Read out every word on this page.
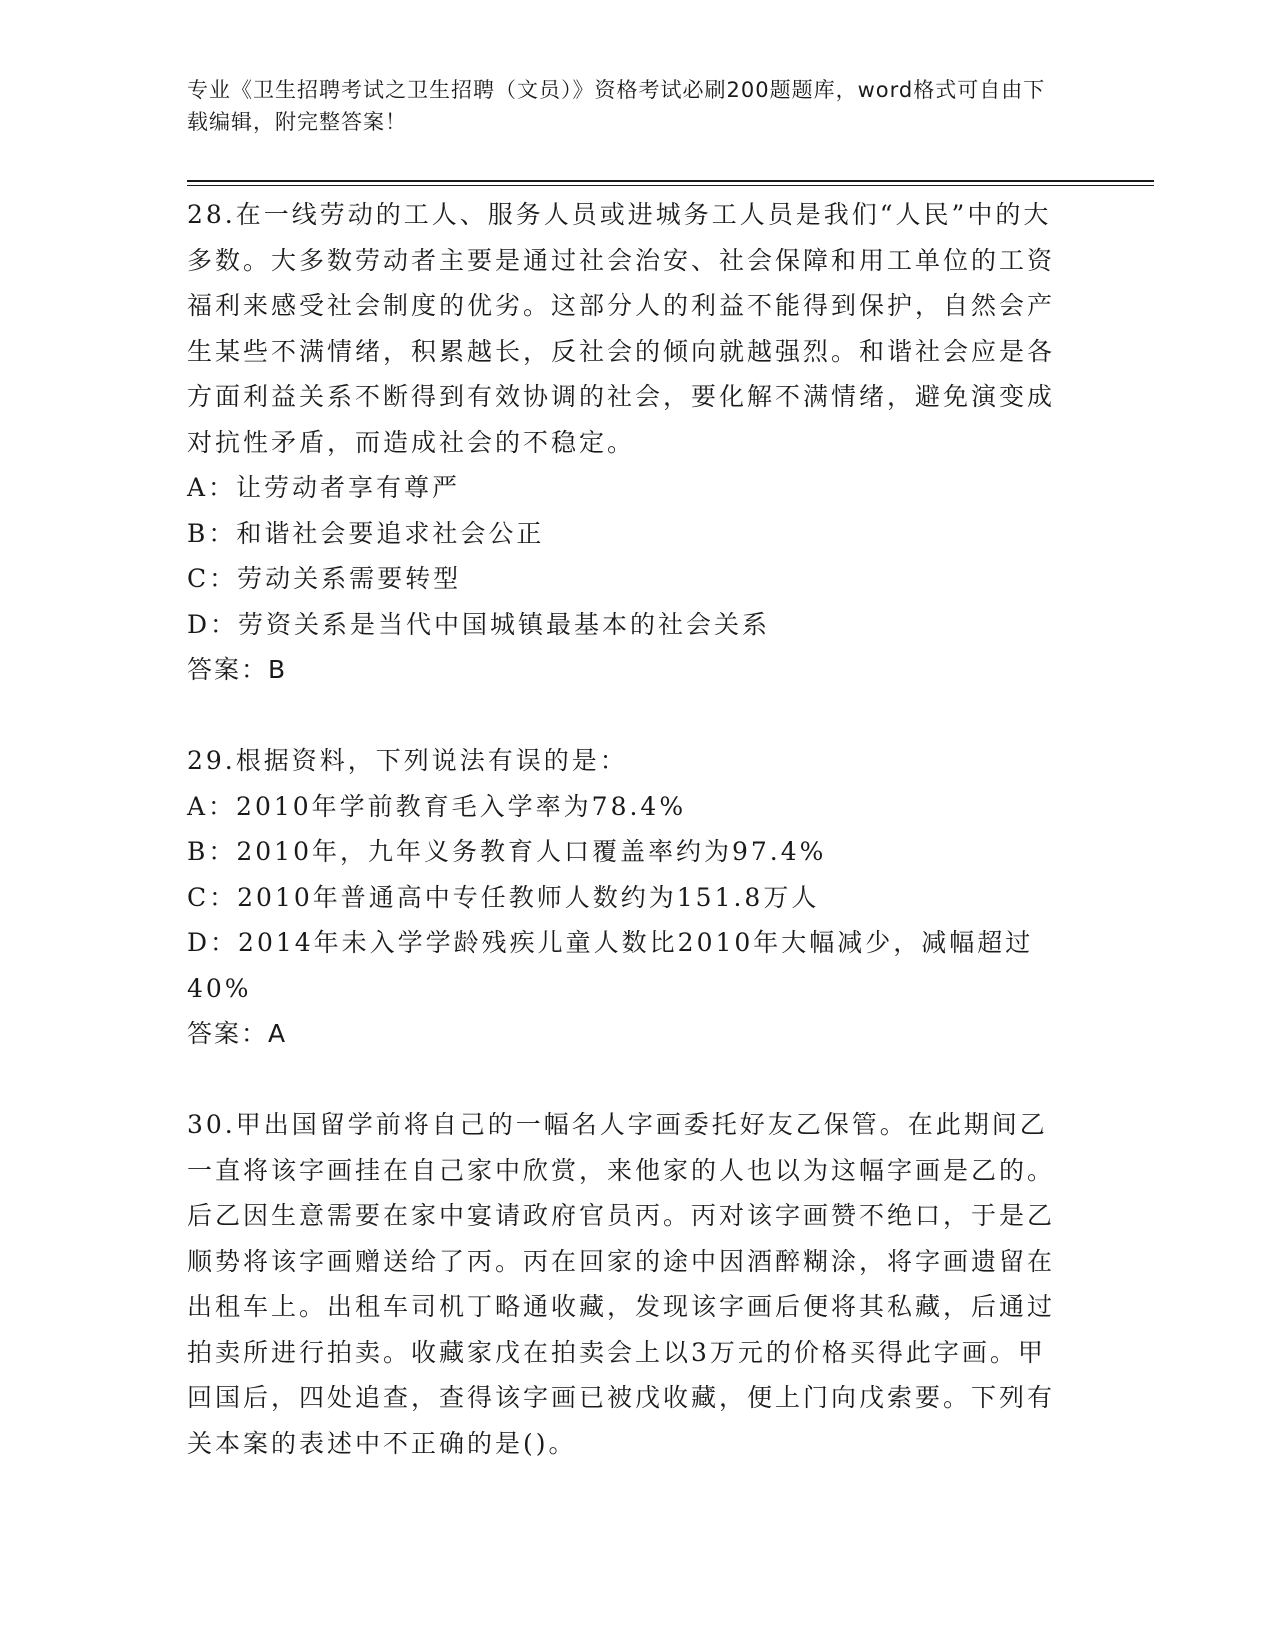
专业《卫生招聘考试之卫生招聘（文员）》资格考试必刷200题题库，word格式可自由下载编辑，附完整答案！

28.在一线劳动的工人、服务人员或进城务工人员是我们“人民”中的大多数。大多数劳动者主要是通过社会治安、社会保障和用工单位的工资福利来感受社会制度的优劣。这部分人的利益不能得到保护，自然会产生某些不满情绪，积累越长，反社会的倾向就越强烈。和谐社会应是各方面利益关系不断得到有效协调的社会，要化解不满情绪，避免演变成对抗性矛盾，而造成社会的不稳定。

A：让劳动者享有尊严

B：和谐社会要追求社会公正

C：劳动关系需要转型

D：劳资关系是当代中国城镇最基本的社会关系

答案：B

29.根据资料，下列说法有误的是：

A：2010年学前教育毛入学率为78.4%

B：2010年，九年义务教育人口覆盖率约为97.4%

C：2010年普通高中专任教师人数约为151.8万人

D：2014年未入学学龄残疾儿童人数比2010年大幅减少，减幅超过40%

答案：A

30.甲出国留学前将自己的一幅名人字画委托好友乙保管。在此期间乙一直将该字画挂在自己家中欣赏，来他家的人也以为这幅字画是乙的。后乙因生意需要在家中宴请政府官员丙。丙对该字画赞不绝口，于是乙顺势将该字画赠送给了丙。丙在回家的途中因酒醉糊涂，将字画遗留在出租车上。出租车司机丁略通收藏，发现该字画后便将其私藏，后通过拍卖所进行拍卖。收藏家戊在拍卖会上以3万元的价格买得此字画。甲回国后，四处追查，查得该字画已被戊收藏，便上门向戊索要。下列有关本案的表述中不正确的是()。
